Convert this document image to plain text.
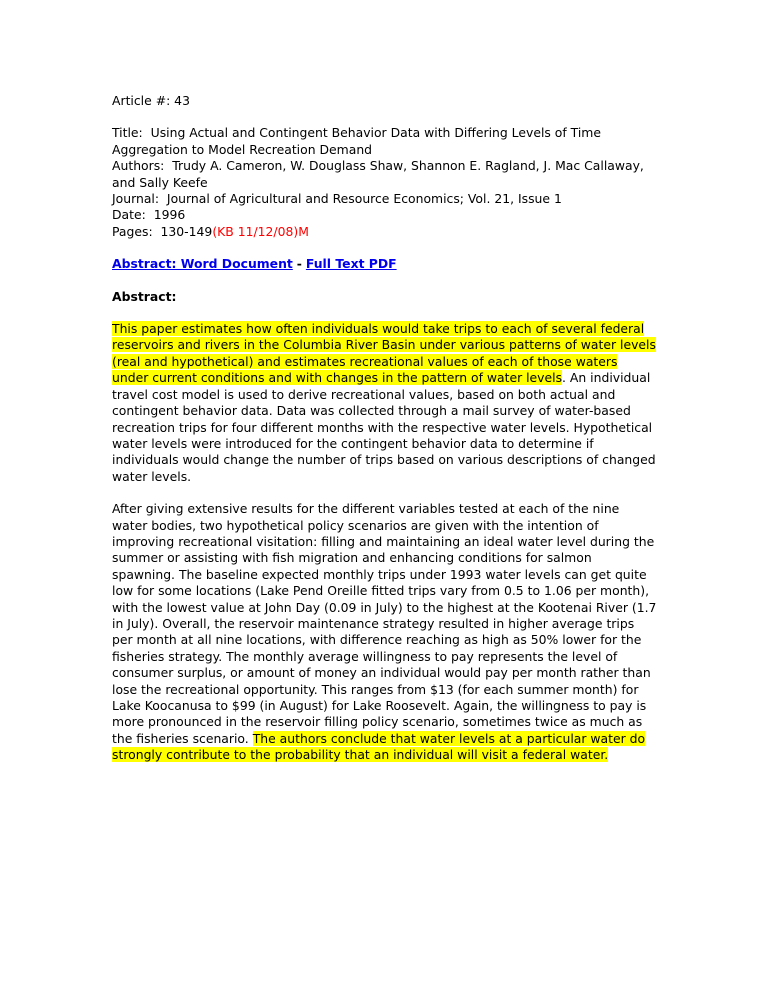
Article #: 43

Title: Using Actual and Contingent Behavior Data with Differing Levels of Time Aggregation to Model Recreation Demand

Authors: Trudy A. Cameron, W. Douglass Shaw, Shannon E. Ragland, J. Mac Callaway, and Sally Keefe

Journal: Journal of Agricultural and Resource Economics; Vol. 21, Issue 1

Date: 1996

Pages: 130-149(KB 11/12/08)M

Abstract: Word Document - Full Text PDF

Abstract:

This paper estimates how often individuals would take trips to each of several federal reservoirs and rivers in the Columbia River Basin under various patterns of water levels (real and hypothetical) and estimates recreational values of each of those waters under current conditions and with changes in the pattern of water levels. An individual travel cost model is used to derive recreational values, based on both actual and contingent behavior data. Data was collected through a mail survey of water-based recreation trips for four different months with the respective water levels. Hypothetical water levels were introduced for the contingent behavior data to determine if individuals would change the number of trips based on various descriptions of changed water levels.

After giving extensive results for the different variables tested at each of the nine water bodies, two hypothetical policy scenarios are given with the intention of improving recreational visitation: filling and maintaining an ideal water level during the summer or assisting with fish migration and enhancing conditions for salmon spawning. The baseline expected monthly trips under 1993 water levels can get quite low for some locations (Lake Pend Oreille fitted trips vary from 0.5 to 1.06 per month), with the lowest value at John Day (0.09 in July) to the highest at the Kootenai River (1.7 in July). Overall, the reservoir maintenance strategy resulted in higher average trips per month at all nine locations, with difference reaching as high as 50% lower for the fisheries strategy. The monthly average willingness to pay represents the level of consumer surplus, or amount of money an individual would pay per month rather than lose the recreational opportunity. This ranges from $13 (for each summer month) for Lake Koocanusa to $99 (in August) for Lake Roosevelt. Again, the willingness to pay is more pronounced in the reservoir filling policy scenario, sometimes twice as much as the fisheries scenario. The authors conclude that water levels at a particular water do strongly contribute to the probability that an individual will visit a federal water.
